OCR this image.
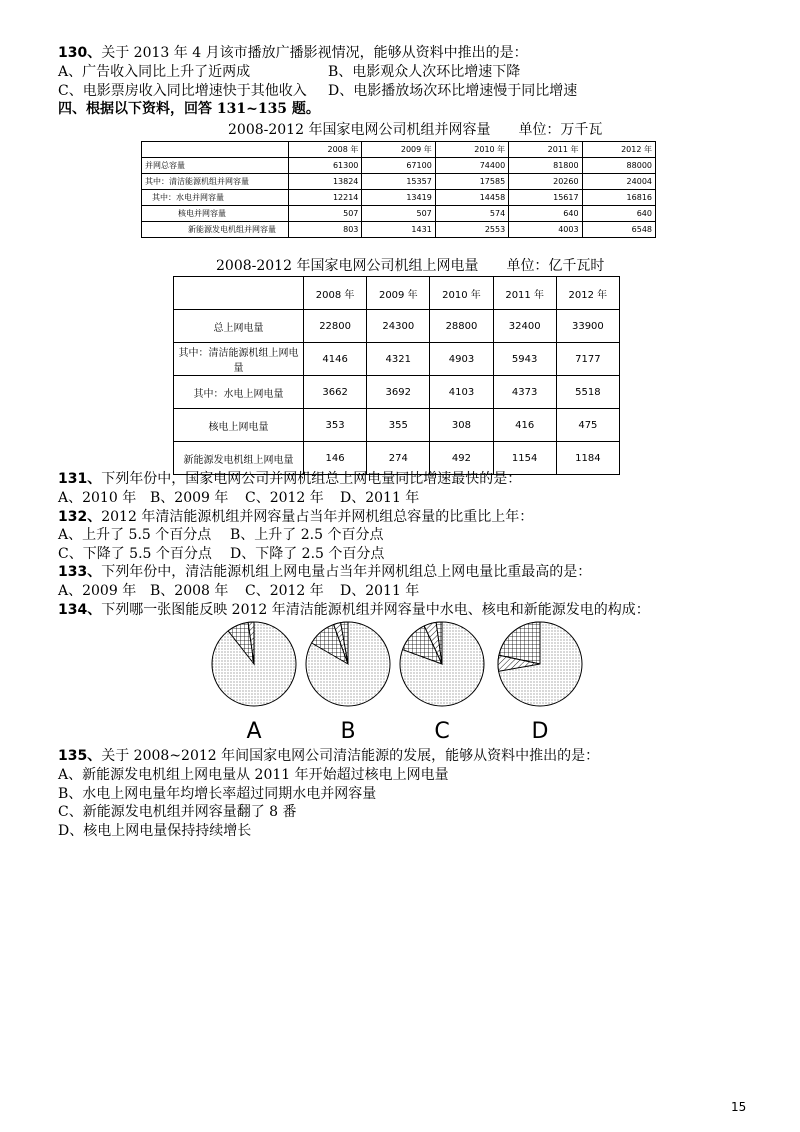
130、关于 2013 年 4 月该市播放广播影视情况，能够从资料中推出的是：
A、广告收入同比上升了近两成	B、电影观众人次环比增速下降
C、电影票房收入同比增速快于其他收入 D、电影播放场次环比增速慢于同比增速
四、根据以下资料，回答 131~135 题。
2008-2012 年国家电网公司机组并网容量　　单位：万千瓦
	2008 年	2009 年	2010 年	2011 年	2012 年
并网总容量	61300	67100	74400	81800	88000
其中：清洁能源机组并网容量	13824	15357	17585	20260	24004
其中：水电并网容量	12214	13419	14458	15617	16816
核电并网容量	507	507	574	640	640
新能源发电机组并网容量	803	1431	2553	4003	6548
2008-2012 年国家电网公司机组上网电量　　单位：亿千瓦时
	2008 年	2009 年	2010 年	2011 年	2012 年
总上网电量	22800	24300	28800	32400	33900
其中：清洁能源机组上网电量	4146	4321	4903	5943	7177
其中：水电上网电量	3662	3692	4103	4373	5518
核电上网电量	353	355	308	416	475
新能源发电机组上网电量	146	274	492	1154	1184
131、下列年份中，国家电网公司并网机组总上网电量同比增速最快的是：
A、2010 年 B、2009 年 C、2012 年 D、2011 年
132、2012 年清洁能源机组并网容量占当年并网机组总容量的比重比上年：
A、上升了 5.5 个百分点 B、上升了 2.5 个百分点
C、下降了 5.5 个百分点 D、下降了 2.5 个百分点
133、下列年份中，清洁能源机组上网电量占当年并网机组总上网电量比重最高的是：
A、2009 年 B、2008 年 C、2012 年 D、2011 年
134、下列哪一张图能反映 2012 年清洁能源机组并网容量中水电、核电和新能源发电的构成：
A	B	C	D
135、关于 2008~2012 年间国家电网公司清洁能源的发展，能够从资料中推出的是：
A、新能源发电机组上网电量从 2011 年开始超过核电上网电量
B、水电上网电量年均增长率超过同期水电并网容量
C、新能源发电机组并网容量翻了 8 番
D、核电上网电量保持持续增长
15
